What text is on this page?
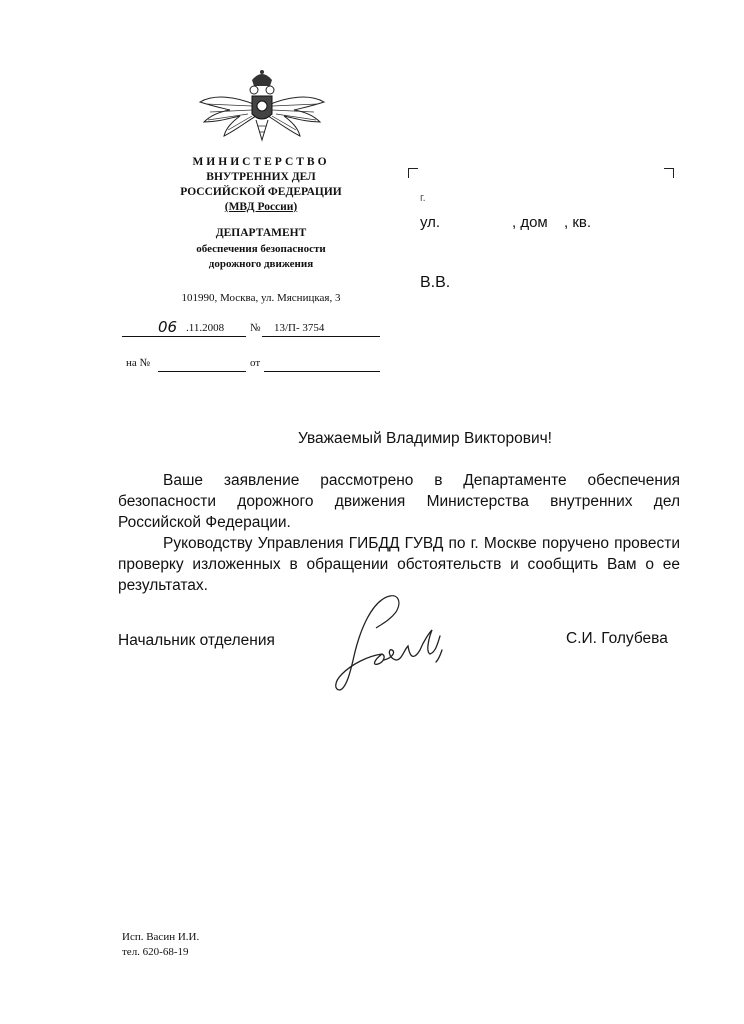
МИНИСТЕРСТВО
ВНУТРЕННИХ ДЕЛ
РОССИЙСКОЙ ФЕДЕРАЦИИ
(МВД России)
ДЕПАРТАМЕНТ
обеспечения безопасности
дорожного движения
101990, Москва, ул. Мясницкая, 3
06 .11.2008 № 13/П- 3754
на №	от
г.
ул.	, дом , кв.
В.В.
Уважаемый Владимир Викторович!
Ваше заявление рассмотрено в Департаменте обеспечения безопасности дорожного движения Министерства внутренних дел Российской Федерации.
Руководству Управления ГИБДД ГУВД по г. Москве поручено провести проверку изложенных в обращении обстоятельств и сообщить Вам о ее результатах.
Начальник отделения	С.И. Голубева
Исп. Васин И.И.
тел. 620-68-19
